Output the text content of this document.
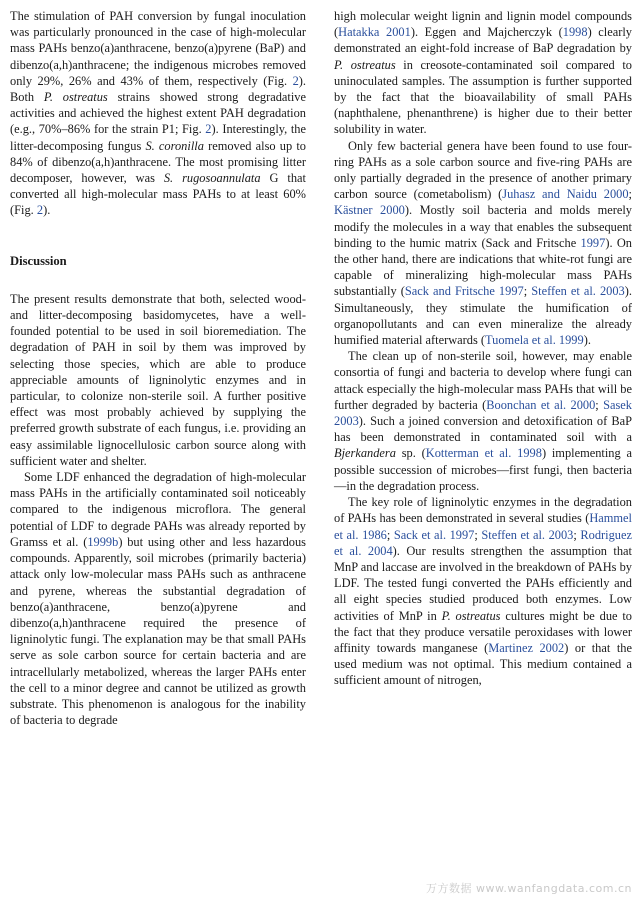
The stimulation of PAH conversion by fungal inoculation was particularly pronounced in the case of high-molecular mass PAHs benzo(a)anthracene, benzo(a)pyrene (BaP) and dibenzo(a,h)anthracene; the indigenous microbes removed only 29%, 26% and 43% of them, respectively (Fig. 2). Both P. ostreatus strains showed strong degradative activities and achieved the highest extent PAH degradation (e.g., 70%–86% for the strain P1; Fig. 2). Interestingly, the litter-decomposing fungus S. coronilla removed also up to 84% of dibenzo(a,h)anthracene. The most promising litter decomposer, however, was S. rugosoannulata G that converted all high-molecular mass PAHs to at least 60% (Fig. 2).

Discussion

The present results demonstrate that both, selected wood- and litter-decomposing basidomycetes, have a well-founded potential to be used in soil bioremediation. The degradation of PAH in soil by them was improved by selecting those species, which are able to produce appreciable amounts of ligninolytic enzymes and in particular, to colonize non-sterile soil. A further positive effect was most probably achieved by supplying the preferred growth substrate of each fungus, i.e. providing an easy assimilable lignocellulosic carbon source along with sufficient water and shelter.

Some LDF enhanced the degradation of high-molecular mass PAHs in the artificially contaminated soil noticeably compared to the indigenous microflora. The general potential of LDF to degrade PAHs was already reported by Gramss et al. (1999b) but using other and less hazardous compounds. Apparently, soil microbes (primarily bacteria) attack only low-molecular mass PAHs such as anthracene and pyrene, whereas the substantial degradation of benzo(a)anthracene, benzo(a)pyrene and dibenzo(a,h)anthracene required the presence of ligninolytic fungi. The explanation may be that small PAHs serve as sole carbon source for certain bacteria and are intracellularly metabolized, whereas the larger PAHs enter the cell to a minor degree and cannot be utilized as growth substrate. This phenomenon is analogous for the inability of bacteria to degrade

high molecular weight lignin and lignin model compounds (Hatakka 2001). Eggen and Majcherczyk (1998) clearly demonstrated an eight-fold increase of BaP degradation by P. ostreatus in creosote-contaminated soil compared to uninoculated samples. The assumption is further supported by the fact that the bioavailability of small PAHs (naphthalene, phenanthrene) is higher due to their better solubility in water.

Only few bacterial genera have been found to use four-ring PAHs as a sole carbon source and five-ring PAHs are only partially degraded in the presence of another primary carbon source (cometabolism) (Juhasz and Naidu 2000; Kästner 2000). Mostly soil bacteria and molds merely modify the molecules in a way that enables the subsequent binding to the humic matrix (Sack and Fritsche 1997). On the other hand, there are indications that white-rot fungi are capable of mineralizing high-molecular mass PAHs substantially (Sack and Fritsche 1997; Steffen et al. 2003). Simultaneously, they stimulate the humification of organopollutants and can even mineralize the already humified material afterwards (Tuomela et al. 1999).

The clean up of non-sterile soil, however, may enable consortia of fungi and bacteria to develop where fungi can attack especially the high-molecular mass PAHs that will be further degraded by bacteria (Boonchan et al. 2000; Sasek 2003). Such a joined conversion and detoxification of BaP has been demonstrated in contaminated soil with a Bjerkandera sp. (Kotterman et al. 1998) implementing a possible succession of microbes—first fungi, then bacteria—in the degradation process.

The key role of ligninolytic enzymes in the degradation of PAHs has been demonstrated in several studies (Hammel et al. 1986; Sack et al. 1997; Steffen et al. 2003; Rodriguez et al. 2004). Our results strengthen the assumption that MnP and laccase are involved in the breakdown of PAHs by LDF. The tested fungi converted the PAHs efficiently and all eight species studied produced both enzymes. Low activities of MnP in P. ostreatus cultures might be due to the fact that they produce versatile peroxidases with lower affinity towards manganese (Martinez 2002) or that the used medium was not optimal. This medium contained a sufficient amount of nitrogen,

万方数据 www.wanfangdata.com.cn
